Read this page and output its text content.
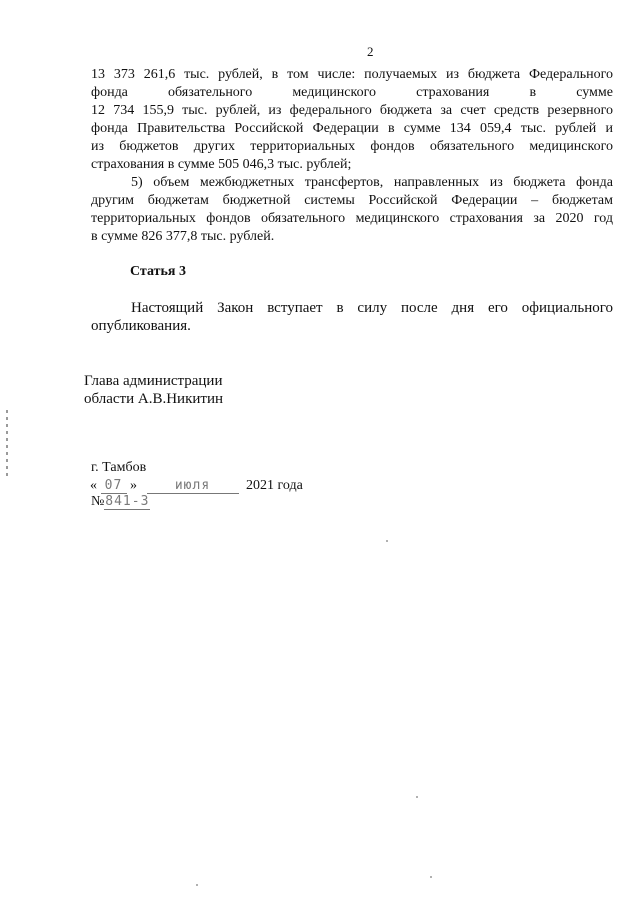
2
13 373 261,6 тыс. рублей, в том числе: получаемых из бюджета Федерального
фонда обязательного медицинского страхования в сумме
12 734 155,9 тыс. рублей, из федерального бюджета за счет средств резервного
фонда Правительства Российской Федерации в сумме 134 059,4 тыс. рублей и
из бюджетов других территориальных фондов обязательного медицинского
страхования в сумме 505 046,3 тыс. рублей;
5) объем межбюджетных трансфертов, направленных из бюджета фонда
другим бюджетам бюджетной системы Российской Федерации – бюджетам
территориальных фондов обязательного медицинского страхования за 2020 год
в сумме 826 377,8 тыс. рублей.
Статья 3
Настоящий Закон вступает в силу после дня его официального
опубликования.
Глава администрации
области А.В.Никитин
г. Тамбов
« 07 »	июля	2021 года
№841-З
